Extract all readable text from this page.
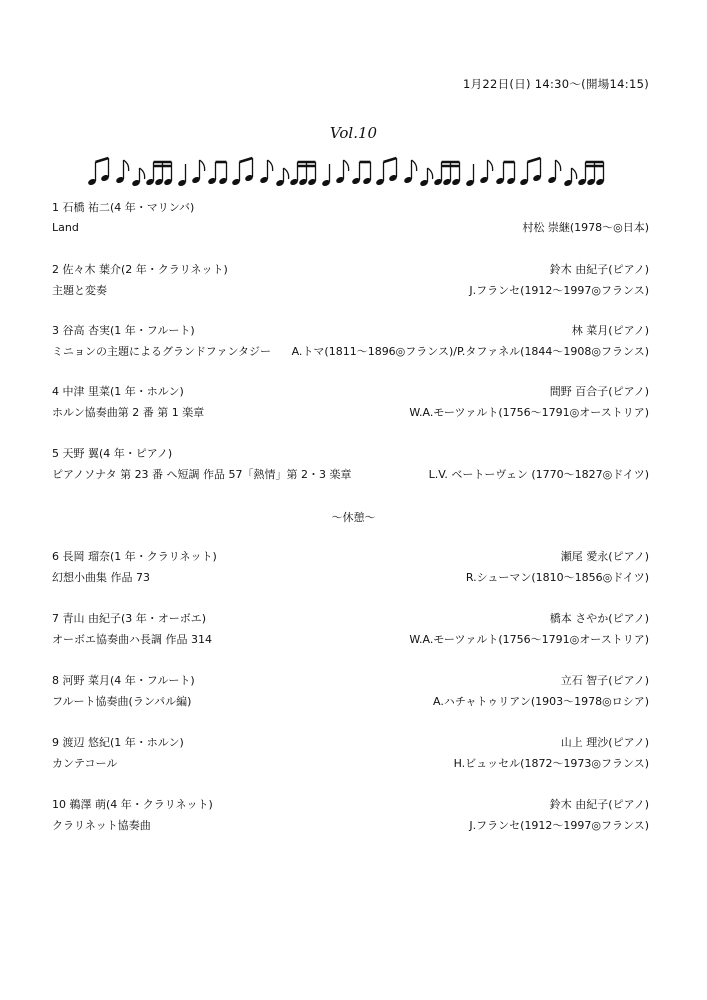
1月22日(日) 14:30〜(開場14:15)
Vol.10
1 石橋 祐二(4 年・マリンバ)
Land	村松 崇継(1978〜◎日本)
2 佐々木 葉介(2 年・クラリネット)	鈴木 由紀子(ピアノ)
主題と変奏	J.フランセ(1912〜1997◎フランス)
3 谷高 杏実(1 年・フルート)	林 菜月(ピアノ)
ミニョンの主題によるグランドファンタジー A.トマ(1811〜1896◎フランス)/P.タファネル(1844〜1908◎フランス)
4 中津 里菜(1 年・ホルン)	間野 百合子(ピアノ)
ホルン協奏曲第 2 番 第 1 楽章	W.A.モーツァルト(1756〜1791◎オーストリア)
5 天野 翼(4 年・ピアノ)
ピアノソナタ 第 23 番 ヘ短調 作品 57「熱情」第 2・3 楽章	L.V. ベートーヴェン (1770〜1827◎ドイツ)
〜休憩〜
6 長岡 瑠奈(1 年・クラリネット)	瀬尾 愛永(ピアノ)
幻想小曲集 作品 73	R.シューマン(1810〜1856◎ドイツ)
7 青山 由紀子(3 年・オーボエ)	橋本 さやか(ピアノ)
オーボエ協奏曲ハ長調 作品 314	W.A.モーツァルト(1756〜1791◎オーストリア)
8 河野 菜月(4 年・フルート)	立石 智子(ピアノ)
フルート協奏曲(ランパル編)	A.ハチャトゥリアン(1903〜1978◎ロシア)
9 渡辺 悠紀(1 年・ホルン)	山上 理沙(ピアノ)
カンテコール	H.ビュッセル(1872〜1973◎フランス)
10 鵜澤 萌(4 年・クラリネット)	鈴木 由紀子(ピアノ)
クラリネット協奏曲	J.フランセ(1912〜1997◎フランス)
